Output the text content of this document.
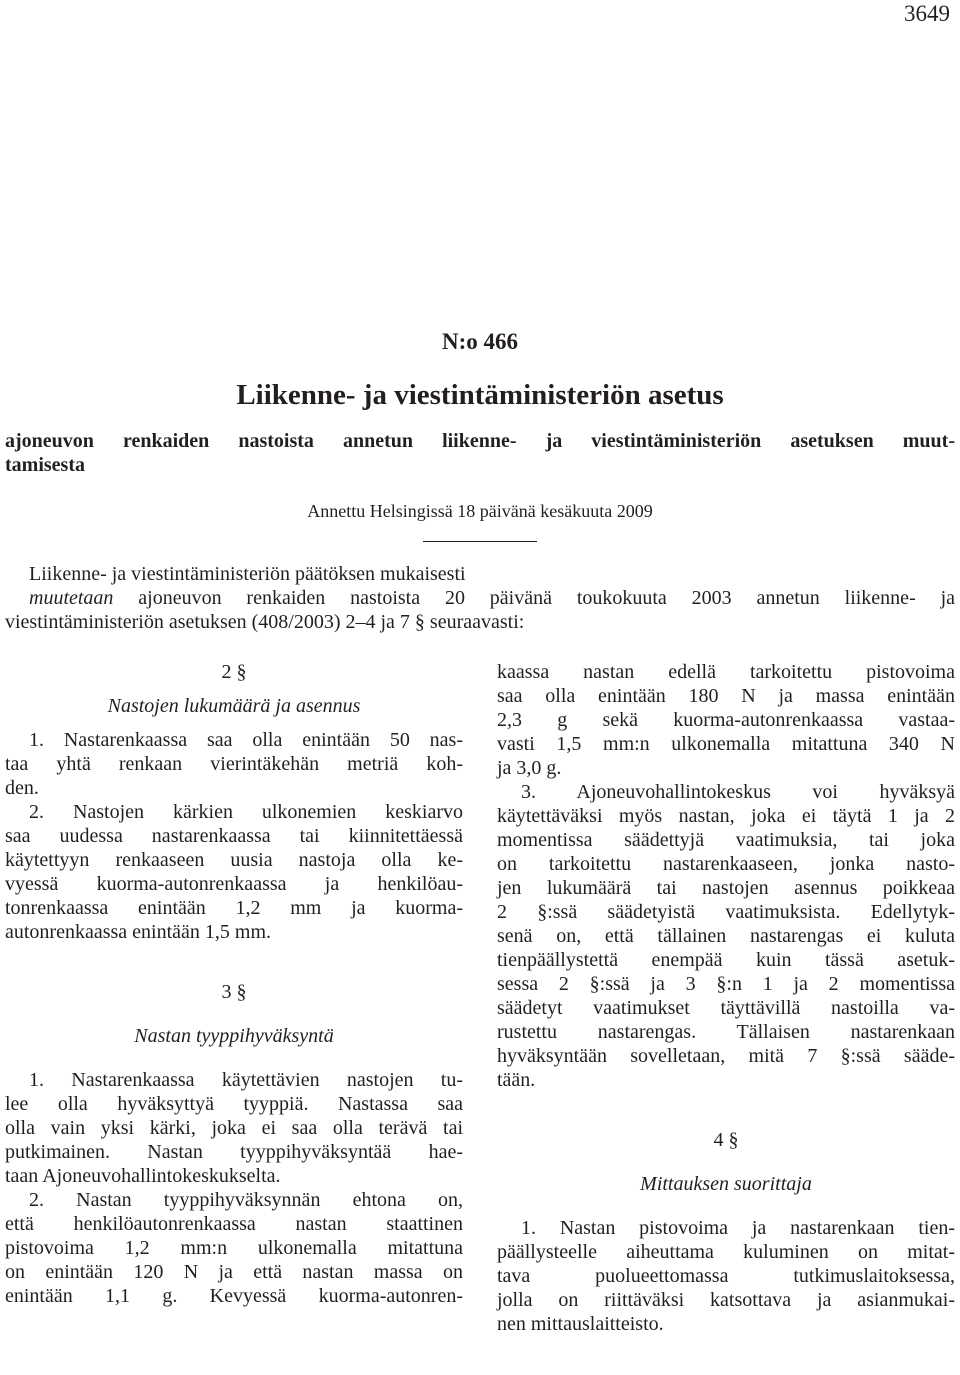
3649
N:o 466
Liikenne- ja viestintäministeriön asetus
ajoneuvon renkaiden nastoista annetun liikenne- ja viestintäministeriön asetuksen muut-
tamisesta
Annettu Helsingissä 18 päivänä kesäkuuta 2009
Liikenne- ja viestintäministeriön päätöksen mukaisesti
muutetaan ajoneuvon renkaiden nastoista 20 päivänä toukokuuta 2003 annetun liikenne- ja
viestintäministeriön asetuksen (408/2003) 2–4 ja 7 § seuraavasti:

2 §

Nastojen lukumäärä ja asennus

1. Nastarenkaassa saa olla enintään 50 nas-
taa yhtä renkaan vierintäkehän metriä koh-
den.
2. Nastojen kärkien ulkonemien keskiarvo
saa uudessa nastarenkaassa tai kiinnitettäessä
käytettyyn renkaaseen uusia nastoja olla ke-
vyessä kuorma-autonrenkaassa ja henkilöau-
tonrenkaassa enintään 1,2 mm ja kuorma-
autonrenkaassa enintään 1,5 mm.

3 §

Nastan tyyppihyväksyntä

1. Nastarenkaassa käytettävien nastojen tu-
lee olla hyväksyttyä tyyppiä. Nastassa saa
olla vain yksi kärki, joka ei saa olla terävä tai
putkimainen. Nastan tyyppihyväksyntää hae-
taan Ajoneuvohallintokeskukselta.
2. Nastan tyyppihyväksynnän ehtona on,
että henkilöautonrenkaassa nastan staattinen
pistovoima 1,2 mm:n ulkonemalla mitattuna
on enintään 120 N ja että nastan massa on
enintään 1,1 g. Kevyessä kuorma-autonren-
kaassa nastan edellä tarkoitettu pistovoima
saa olla enintään 180 N ja massa enintään
2,3 g sekä kuorma-autonrenkaassa vastaa-
vasti 1,5 mm:n ulkonemalla mitattuna 340 N
ja 3,0 g.
3. Ajoneuvohallintokeskus voi hyväksyä
käytettäväksi myös nastan, joka ei täytä 1 ja 2
momentissa säädettyjä vaatimuksia, tai joka
on tarkoitettu nastarenkaaseen, jonka nasto-
jen lukumäärä tai nastojen asennus poikkeaa
2 §:ssä säädetyistä vaatimuksista. Edellytyk-
senä on, että tällainen nastarengas ei kuluta
tienpäällystettä enempää kuin tässä asetuk-
sessa 2 §:ssä ja 3 §:n 1 ja 2 momentissa
säädetyt vaatimukset täyttävillä nastoilla va-
rustettu nastarengas. Tällaisen nastarenkaan
hyväksyntään sovelletaan, mitä 7 §:ssä sääde-
tään.

4 §

Mittauksen suorittaja

1. Nastan pistovoima ja nastarenkaan tien-
päällysteelle aiheuttama kuluminen on mitat-
tava puolueettomassa tutkimuslaitoksessa,
jolla on riittäväksi katsottava ja asianmukai-
nen mittauslaitteisto.
